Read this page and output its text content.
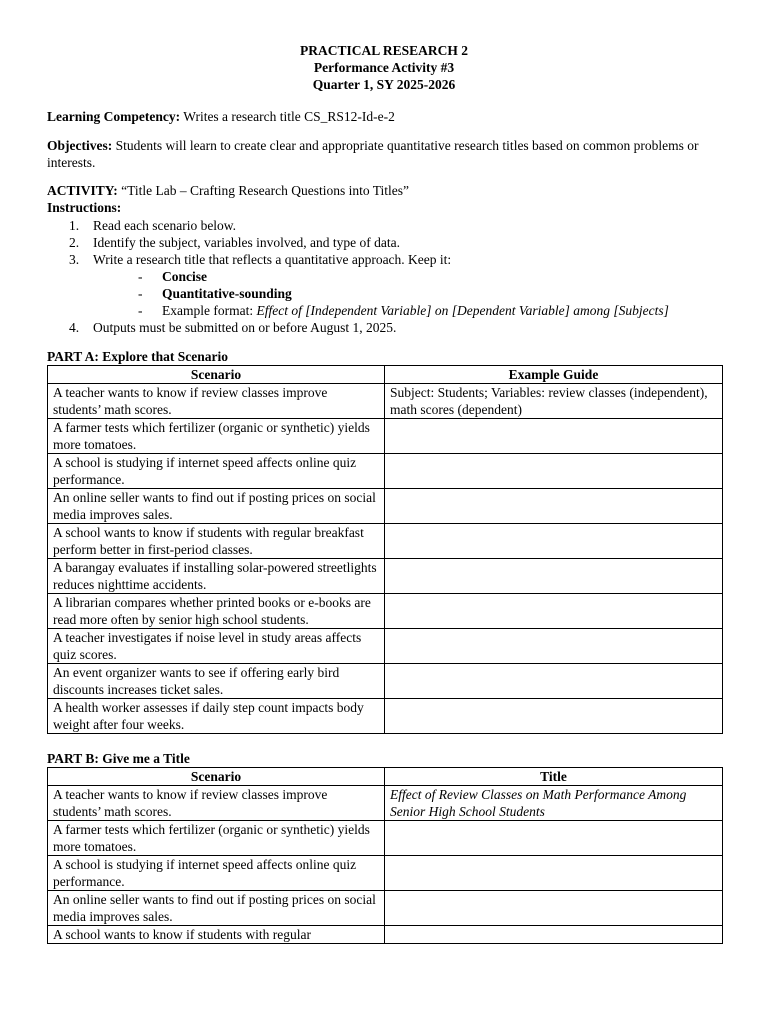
PRACTICAL RESEARCH 2
Performance Activity #3
Quarter 1, SY 2025-2026

Learning Competency: Writes a research title CS_RS12-Id-e-2

Objectives: Students will learn to create clear and appropriate quantitative research titles based on common problems or interests.

ACTIVITY: “Title Lab – Crafting Research Questions into Titles”

Instructions:
1. Read each scenario below.
2. Identify the subject, variables involved, and type of data.
3. Write a research title that reflects a quantitative approach. Keep it:
- Concise
- Quantitative-sounding
- Example format: Effect of [Independent Variable] on [Dependent Variable] among [Subjects]
4. Outputs must be submitted on or before August 1, 2025.
PART A: Explore that Scenario
Scenario	Example Guide
A teacher wants to know if review classes improve students’ math scores.	Subject: Students; Variables: review classes (independent), math scores (dependent)
A farmer tests which fertilizer (organic or synthetic) yields more tomatoes.	
A school is studying if internet speed affects online quiz performance.	
An online seller wants to find out if posting prices on social media improves sales.	
A school wants to know if students with regular breakfast perform better in first-period classes.	
A barangay evaluates if installing solar-powered streetlights reduces nighttime accidents.	
A librarian compares whether printed books or e-books are read more often by senior high school students.	
A teacher investigates if noise level in study areas affects quiz scores.	
An event organizer wants to see if offering early bird discounts increases ticket sales.	
A health worker assesses if daily step count impacts body weight after four weeks.	
PART B: Give me a Title
Scenario	Title
A teacher wants to know if review classes improve students’ math scores.	Effect of Review Classes on Math Performance Among Senior High School Students
A farmer tests which fertilizer (organic or synthetic) yields more tomatoes.	
A school is studying if internet speed affects online quiz performance.	
An online seller wants to find out if posting prices on social media improves sales.	
A school wants to know if students with regular	
